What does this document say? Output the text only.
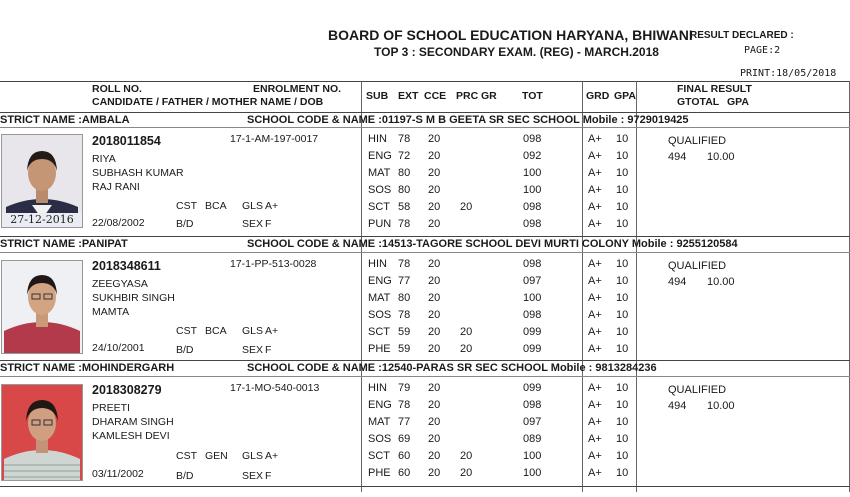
BOARD OF SCHOOL EDUCATION HARYANA, BHIWANI
RESULT DECLARED :
TOP 3 : SECONDARY EXAM. (REG) - MARCH.2018	PAGE:2
PRINT:18/05/2018
ROLL NO.	ENROLMENT NO.
CANDIDATE / FATHER / MOTHER NAME / DOB	SUB EXT CCE PRC GR TOT	GRD GPA
FINAL RESULT
GTOTAL GPA
STRICT NAME :AMBALA	SCHOOL CODE & NAME :01197-S M B GEETA SR SEC SCHOOL Mobile : 9729019425
27-12-2016
2018011854	17-1-AM-197-0017
RIYA
SUBHASH KUMAR
RAJ RANI
CST BCA GLS A+
22/08/2002	B/D	SEX F
HIN 78 20	098	A+ 10
ENG 72 20	092	A+ 10
MAT 80 20	100	A+ 10
SOS 80 20	100	A+ 10
SCT 58 20 20	098	A+ 10
PUN 78 20	098	A+ 10
QUALIFIED
494 10.00
STRICT NAME :PANIPAT	SCHOOL CODE & NAME :14513-TAGORE SCHOOL DEVI MURTI COLONY Mobile : 9255120584
2018348611	17-1-PP-513-0028
ZEEGYASA
SUKHBIR SINGH
MAMTA
CST BCA GLS A+
24/10/2001	B/D	SEX F
HIN 78 20	098	A+ 10
ENG 77 20	097	A+ 10
MAT 80 20	100	A+ 10
SOS 78 20	098	A+ 10
SCT 59 20 20	099	A+ 10
PHE 59 20 20	099	A+ 10
QUALIFIED
494 10.00
STRICT NAME :MOHINDERGARH	SCHOOL CODE & NAME :12540-PARAS SR SEC SCHOOL Mobile : 9813284236
2018308279	17-1-MO-540-0013
PREETI
DHARAM SINGH
KAMLESH DEVI
CST GEN GLS A+
03/11/2002	B/D	SEX F
HIN 79 20	099	A+ 10
ENG 78 20	098	A+ 10
MAT 77 20	097	A+ 10
SOS 69 20	089	A+ 10
SCT 60 20 20	100	A+ 10
PHE 60 20 20	100	A+ 10
QUALIFIED
494 10.00
